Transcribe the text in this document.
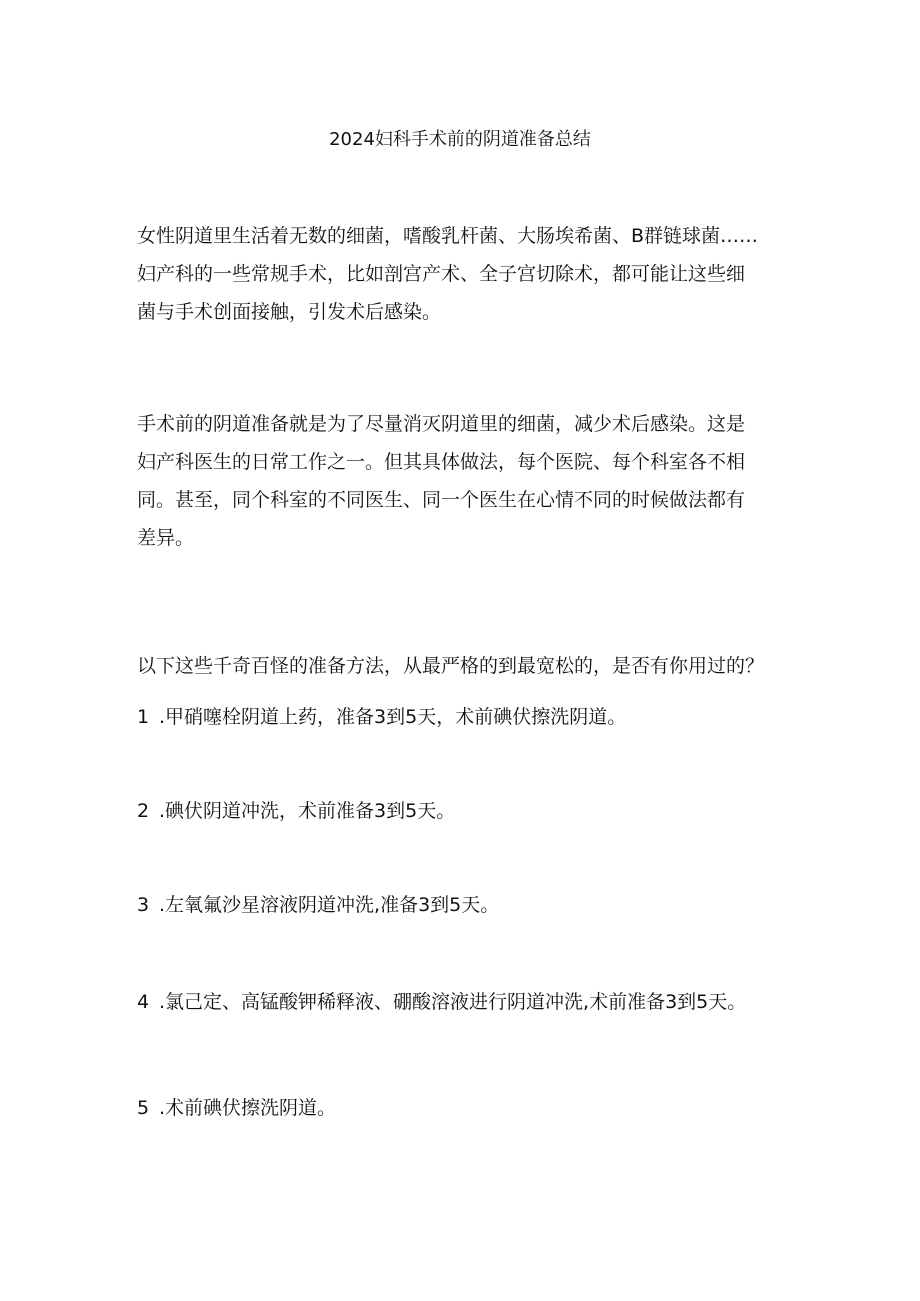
2024妇科手术前的阴道准备总结

女性阴道里生活着无数的细菌，嗜酸乳杆菌、大肠埃希菌、B群链球菌……
妇产科的一些常规手术，比如剖宫产术、全子宫切除术，都可能让这些细
菌与手术创面接触，引发术后感染。

手术前的阴道准备就是为了尽量消灭阴道里的细菌，减少术后感染。这是
妇产科医生的日常工作之一。但其具体做法，每个医院、每个科室各不相
同。甚至，同个科室的不同医生、同一个医生在心情不同的时候做法都有
差异。

以下这些千奇百怪的准备方法，从最严格的到最宽松的，是否有你用过的？

1 .甲硝噻栓阴道上药，准备3到5天，术前碘伏擦洗阴道。
2 .碘伏阴道冲洗，术前准备3到5天。
3 .左氧氟沙星溶液阴道冲洗,准备3到5天。
4 .氯己定、高锰酸钾稀释液、硼酸溶液进行阴道冲洗,术前准备3到5天。
5 .术前碘伏擦洗阴道。
